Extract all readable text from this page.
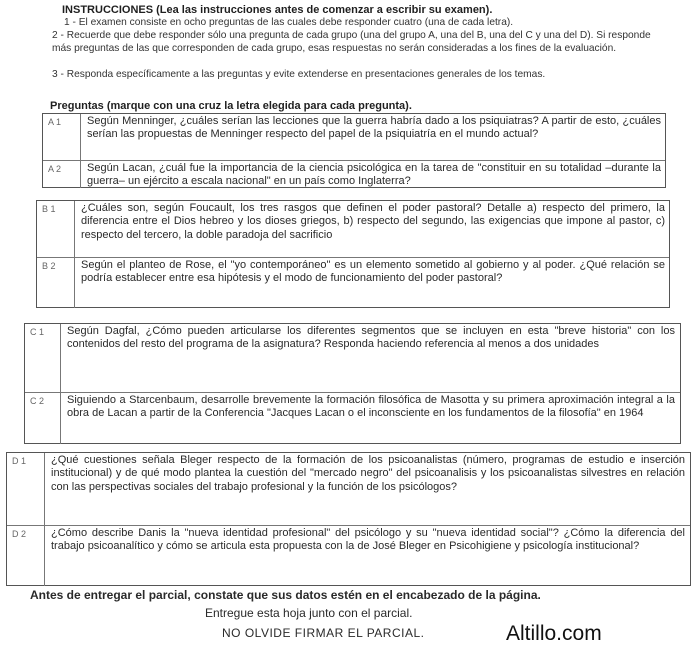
INSTRUCCIONES (Lea las instrucciones antes de comenzar a escribir su examen).
1 - El examen consiste en ocho preguntas de las cuales debe responder cuatro (una de cada letra).
2 - Recuerde que debe responder sólo una pregunta de cada grupo (una del grupo A, una del B, una del C y una del D). Si responde más preguntas de las que corresponden de cada grupo, esas respuestas no serán consideradas a los fines de la evaluación.
3 - Responda específicamente a las preguntas y evite extenderse en presentaciones generales de los temas.
Preguntas (marque con una cruz la letra elegida para cada pregunta).
A 1	Según Menninger, ¿cuáles serían las lecciones que la guerra habría dado a los psiquiatras? A partir de esto, ¿cuáles serían las propuestas de Menninger respecto del papel de la psiquiatría en el mundo actual?
A 2	Según Lacan, ¿cuál fue la importancia de la ciencia psicológica en la tarea de "constituir en su totalidad –durante la guerra– un ejército a escala nacional" en un país como Inglaterra?
B 1	¿Cuáles son, según Foucault, los tres rasgos que definen el poder pastoral? Detalle a) respecto del primero, la diferencia entre el Dios hebreo y los dioses griegos, b) respecto del segundo, las exigencias que impone al pastor, c) respecto del tercero, la doble paradoja del sacrificio
B 2	Según el planteo de Rose, el "yo contemporáneo" es un elemento sometido al gobierno y al poder. ¿Qué relación se podría establecer entre esa hipótesis y el modo de funcionamiento del poder pastoral?
C 1	Según Dagfal, ¿Cómo pueden articularse los diferentes segmentos que se incluyen en esta "breve historia" con los contenidos del resto del programa de la asignatura? Responda haciendo referencia al menos a dos unidades
C 2	Siguiendo a Starcenbaum, desarrolle brevemente la formación filosófica de Masotta y su primera aproximación integral a la obra de Lacan a partir de la Conferencia "Jacques Lacan o el inconsciente en los fundamentos de la filosofía" en 1964
D 1	¿Qué cuestiones señala Bleger respecto de la formación de los psicoanalistas (número, programas de estudio e inserción institucional) y de qué modo plantea la cuestión del "mercado negro" del psicoanalisis y los psicoanalistas silvestres en relación con las perspectivas sociales del trabajo profesional y la función de los psicólogos?
D 2	¿Cómo describe Danis la "nueva identidad profesional" del psicólogo y su "nueva identidad social"? ¿Cómo la diferencia del trabajo psicoanalítico y cómo se articula esta propuesta con la de José Bleger en Psicohigiene y psicología institucional?
Antes de entregar el parcial, constate que sus datos estén en el encabezado de la página.
Entregue esta hoja junto con el parcial.
NO OLVIDE FIRMAR EL PARCIAL.	Altillo.com
